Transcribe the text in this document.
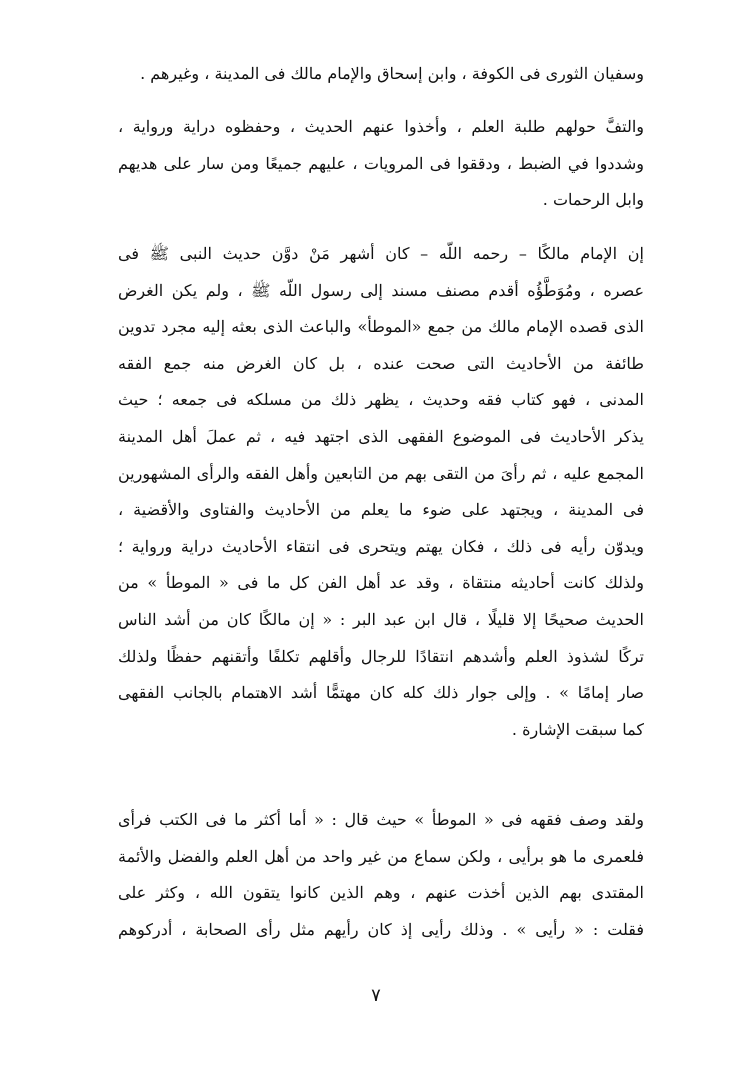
وسفيان الثورى فى الكوفة ، وابن إسحاق والإمام مالك فى المدينة ، وغيرهم .
والتفَّ حولهم طلبة العلم ، وأخذوا عنهم الحديث ، وحفظوه دراية ورواية ،
وشددوا في الضبط ، ودققوا فى المرويات ، عليهم جميعًا ومن سار على هديهم
وابل الرحمات .
إن الإمام مالكًا – رحمه اللّه – كان أشهر مَنْ دوَّن حديث النبى ﷺ فى
عصره ، ومُوَطَّؤُه أقدم مصنف مسند إلى رسول اللّه ﷺ ، ولم يكن الغرض
الذى قصده الإمام مالك من جمع «الموطأ» والباعث الذى بعثه إليه مجرد تدوين
طائفة من الأحاديث التى صحت عنده ، بل كان الغرض منه جمع الفقه
المدنى ، فهو كتاب فقه وحديث ، يظهر ذلك من مسلكه فى جمعه ؛ حيث
يذكر الأحاديث فى الموضوع الفقهى الذى اجتهد فيه ، ثم عملَ أهل المدينة
المجمع عليه ، ثم رأىَ من التقى بهم من التابعين وأهل الفقه والرأى المشهورين
فى المدينة ، ويجتهد على ضوء ما يعلم من الأحاديث والفتاوى والأقضية ،
ويدوّن رأيه فى ذلك ، فكان يهتم ويتحرى فى انتقاء الأحاديث دراية ورواية ؛
ولذلك كانت أحاديثه منتقاة ، وقد عد أهل الفن كل ما فى « الموطأ » من
الحديث صحيحًا إلا قليلًا ، قال ابن عبد البر : « إن مالكًا كان من أشد الناس
تركًا لشذوذ العلم وأشدهم انتقادًا للرجال وأقلهم تكلفًا وأتقنهم حفظًا ولذلك
صار إمامًا » . وإلى جوار ذلك كله كان مهتمًّا أشد الاهتمام بالجانب الفقهى
كما سبقت الإشارة .
ولقد وصف فقهه فى « الموطأ » حيث قال : « أما أكثر ما فى الكتب فرأى
فلعمرى ما هو برأيى ، ولكن سماع من غير واحد من أهل العلم والفضل والأئمة
المقتدى بهم الذين أخذت عنهم ، وهم الذين كانوا يتقون الله ، وكثر على
فقلت : « رأيى » . وذلك رأيى إذ كان رأيهم مثل رأى الصحابة ، أدركوهم
٧
